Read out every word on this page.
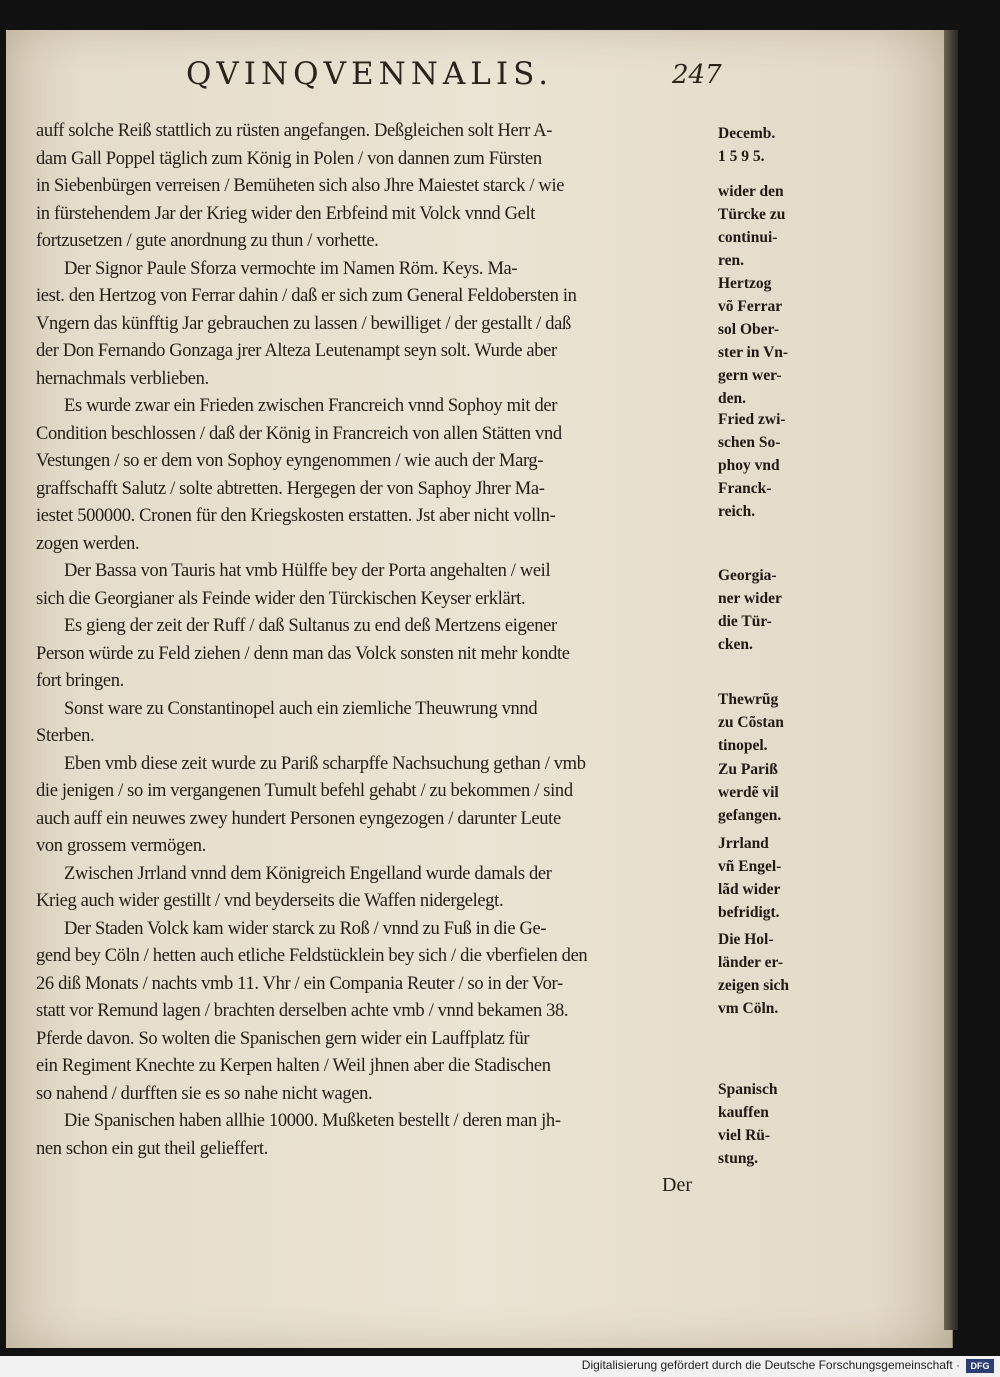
QVINQVENNALIS.	247
auff solche Reiß stattlich zu rüsten angefangen. Deßgleichen solt Herr A-
dam Gall Poppel täglich zum König in Polen / von dannen zum Fürsten
in Siebenbürgen verreisen / Bemüheten sich also Jhre Maiestet starck / wie
in fürstehendem Jar der Krieg wider den Erbfeind mit Volck vnnd Gelt
fortzusetzen / gute anordnung zu thun / vorhette.
Der Signor Paule Sforza vermochte im Namen Röm. Keys. Ma-
iest. den Hertzog von Ferrar dahin / daß er sich zum General Feldobersten in
Vngern das künfftig Jar gebrauchen zu lassen / bewilliget / der gestallt / daß
der Don Fernando Gonzaga jrer Alteza Leutenampt seyn solt. Wurde aber
hernachmals verblieben.
Es wurde zwar ein Frieden zwischen Francreich vnnd Sophoy mit der
Condition beschlossen / daß der König in Francreich von allen Stätten vnd
Vestungen / so er dem von Sophoy eyngenommen / wie auch der Marg-
graffschafft Salutz / solte abtretten. Hergegen der von Saphoy Jhrer Ma-
iestet 500000. Cronen für den Kriegskosten erstatten. Jst aber nicht volln-
zogen werden.
Der Bassa von Tauris hat vmb Hülffe bey der Porta angehalten / weil
sich die Georgianer als Feinde wider den Türckischen Keyser erklärt.
Es gieng der zeit der Ruff / daß Sultanus zu end deß Mertzens eigener
Person würde zu Feld ziehen / denn man das Volck sonsten nit mehr kondte
fort bringen.
Sonst ware zu Constantinopel auch ein ziemliche Theuwrung vnnd
Sterben.
Eben vmb diese zeit wurde zu Pariß scharpffe Nachsuchung gethan / vmb
die jenigen / so im vergangenen Tumult befehl gehabt / zu bekommen / sind
auch auff ein neuwes zwey hundert Personen eyngezogen / darunter Leute
von grossem vermögen.
Zwischen Jrrland vnnd dem Königreich Engelland wurde damals der
Krieg auch wider gestillt / vnd beyderseits die Waffen nidergelegt.
Der Staden Volck kam wider starck zu Roß / vnnd zu Fuß in die Ge-
gend bey Cöln / hetten auch etliche Feldstücklein bey sich / die vberfielen den
26 diß Monats / nachts vmb 11. Vhr / ein Compania Reuter / so in der Vor-
statt vor Remund lagen / brachten derselben achte vmb / vnnd bekamen 38.
Pferde davon. So wolten die Spanischen gern wider ein Lauffplatz für
ein Regiment Knechte zu Kerpen halten / Weil jhnen aber die Stadischen
so nahend / durfften sie es so nahe nicht wagen.
Die Spanischen haben allhie 10000. Mußketen bestellt / deren man jh-
nen schon ein gut theil gelieffert.
Decemb.
1 5 9 5.
wider den
Türcke zu
continui-
ren.
Hertzog
võ Ferrar
sol Ober-
ster in Vn-
gern wer-
den.
Fried zwi-
schen So-
phoy vnd
Franck-
reich.
Georgia-
ner wider
die Tür-
cken.
Thewrũg
zu Cõstan
tinopel.
Zu Pariß
werdẽ vil
gefangen.
Jrrland
vñ Engel-
lãd wider
befridigt.
Die Hol-
länder er-
zeigen sich
vm Cöln.
Spanisch
kauffen
viel Rü-
stung.
Der
Digitalisierung gefördert durch die Deutsche Forschungsgemeinschaft ·	DFG
